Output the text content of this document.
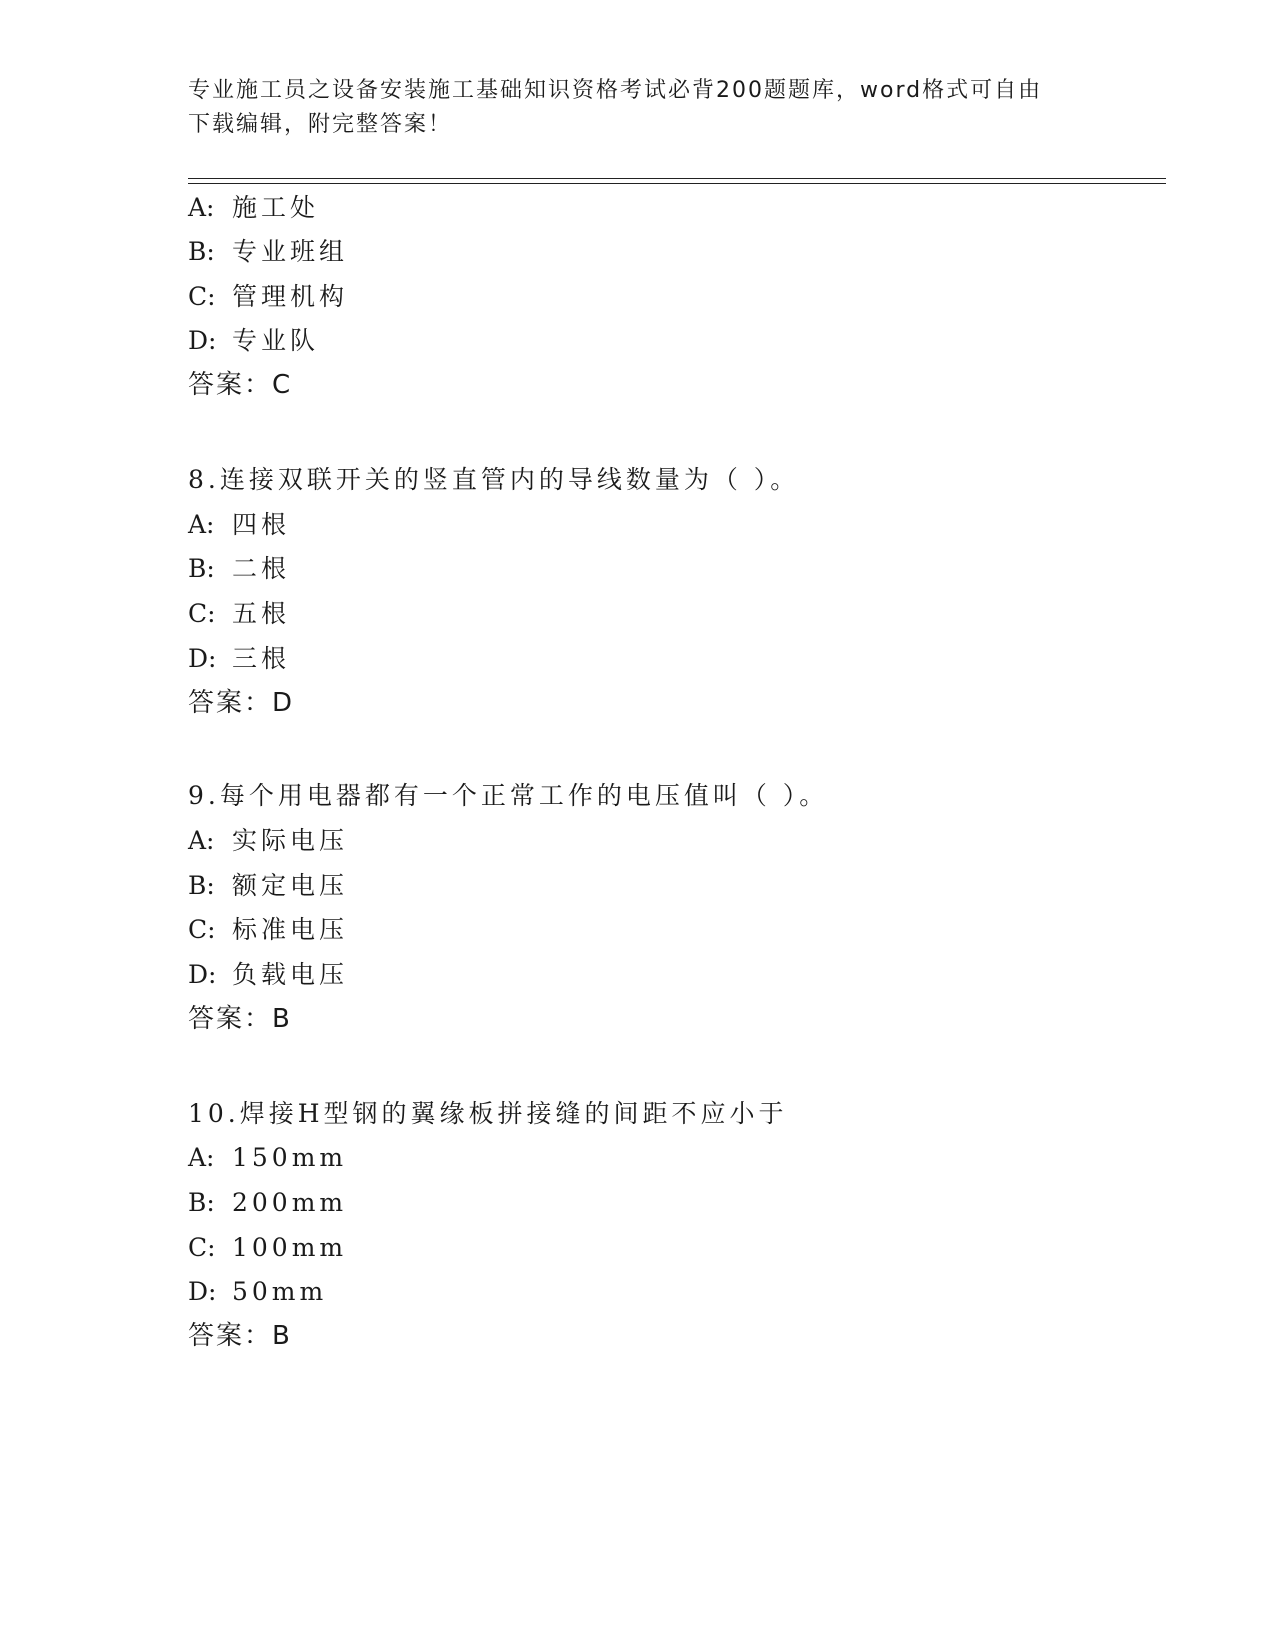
专业施工员之设备安装施工基础知识资格考试必背200题题库，word格式可自由
下载编辑，附完整答案！
A: 施工处
B: 专业班组
C: 管理机构
D: 专业队
答案：C
8.连接双联开关的竖直管内的导线数量为（ ）。
A: 四根
B: 二根
C: 五根
D: 三根
答案：D
9.每个用电器都有一个正常工作的电压值叫（ ）。
A: 实际电压
B: 额定电压
C: 标准电压
D: 负载电压
答案：B
10.焊接H型钢的翼缘板拼接缝的间距不应小于
A: 150mm
B: 200mm
C: 100mm
D: 50mm
答案：B
